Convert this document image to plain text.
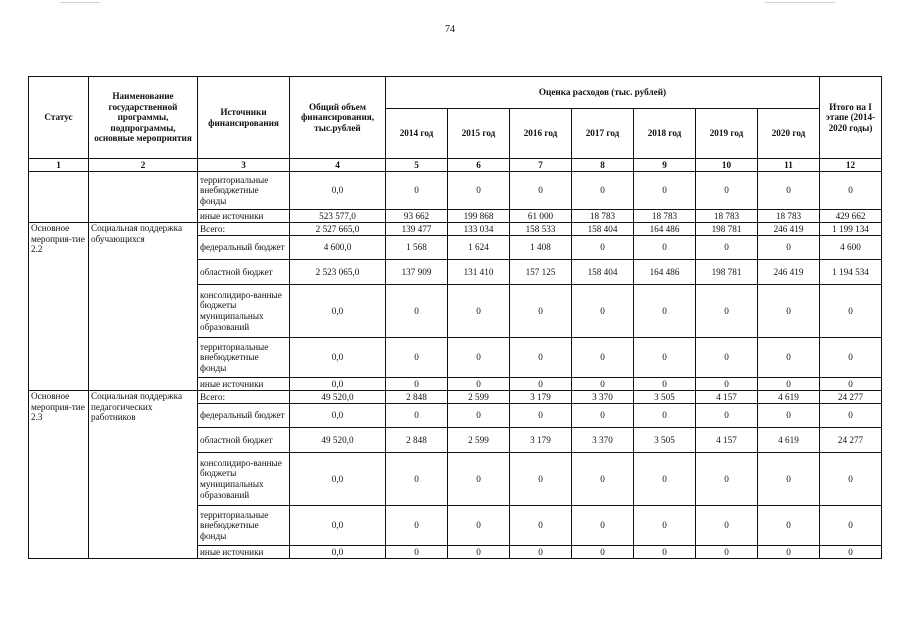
74
Статус	Наименование государственной программы, подпрограммы, основные мероприятия	Источники финансирования	Общий объем финансирования, тыс.рублей	Оценка расходов (тыс. рублей)							Итого на I этапе (2014-2020 годы)
				2014 год	2015 год	2016 год	2017 год	2018 год	2019 год	2020 год	
1	2	3	4	5	6	7	8	9	10	11	12
		территориальные внебюджетные фонды	0,0	0	0	0	0	0	0	0	0
		иные источники	523 577,0	93 662	199 868	61 000	18 783	18 783	18 783	18 783	429 662
Основное мероприя-тие 2.2	Социальная поддержка обучающихся	Всего:	2 527 665,0	139 477	133 034	158 533	158 404	164 486	198 781	246 419	1 199 134
		федеральный бюджет	4 600,0	1 568	1 624	1 408	0	0	0	0	4 600
		областной бюджет	2 523 065,0	137 909	131 410	157 125	158 404	164 486	198 781	246 419	1 194 534
		консолидиро-ванные бюджеты муниципальных образований	0,0	0	0	0	0	0	0	0	0
		территориальные внебюджетные фонды	0,0	0	0	0	0	0	0	0	0
		иные источники	0,0	0	0	0	0	0	0	0	0
Основное мероприя-тие 2.3	Социальная поддержка педагогических работников	Всего:	49 520,0	2 848	2 599	3 179	3 370	3 505	4 157	4 619	24 277
		федеральный бюджет	0,0	0	0	0	0	0	0	0	0
		областной бюджет	49 520,0	2 848	2 599	3 179	3 370	3 505	4 157	4 619	24 277
		консолидиро-ванные бюджеты муниципальных образований	0,0	0	0	0	0	0	0	0	0
		территориальные внебюджетные фонды	0,0	0	0	0	0	0	0	0	0
		иные источники	0,0	0	0	0	0	0	0	0	0
